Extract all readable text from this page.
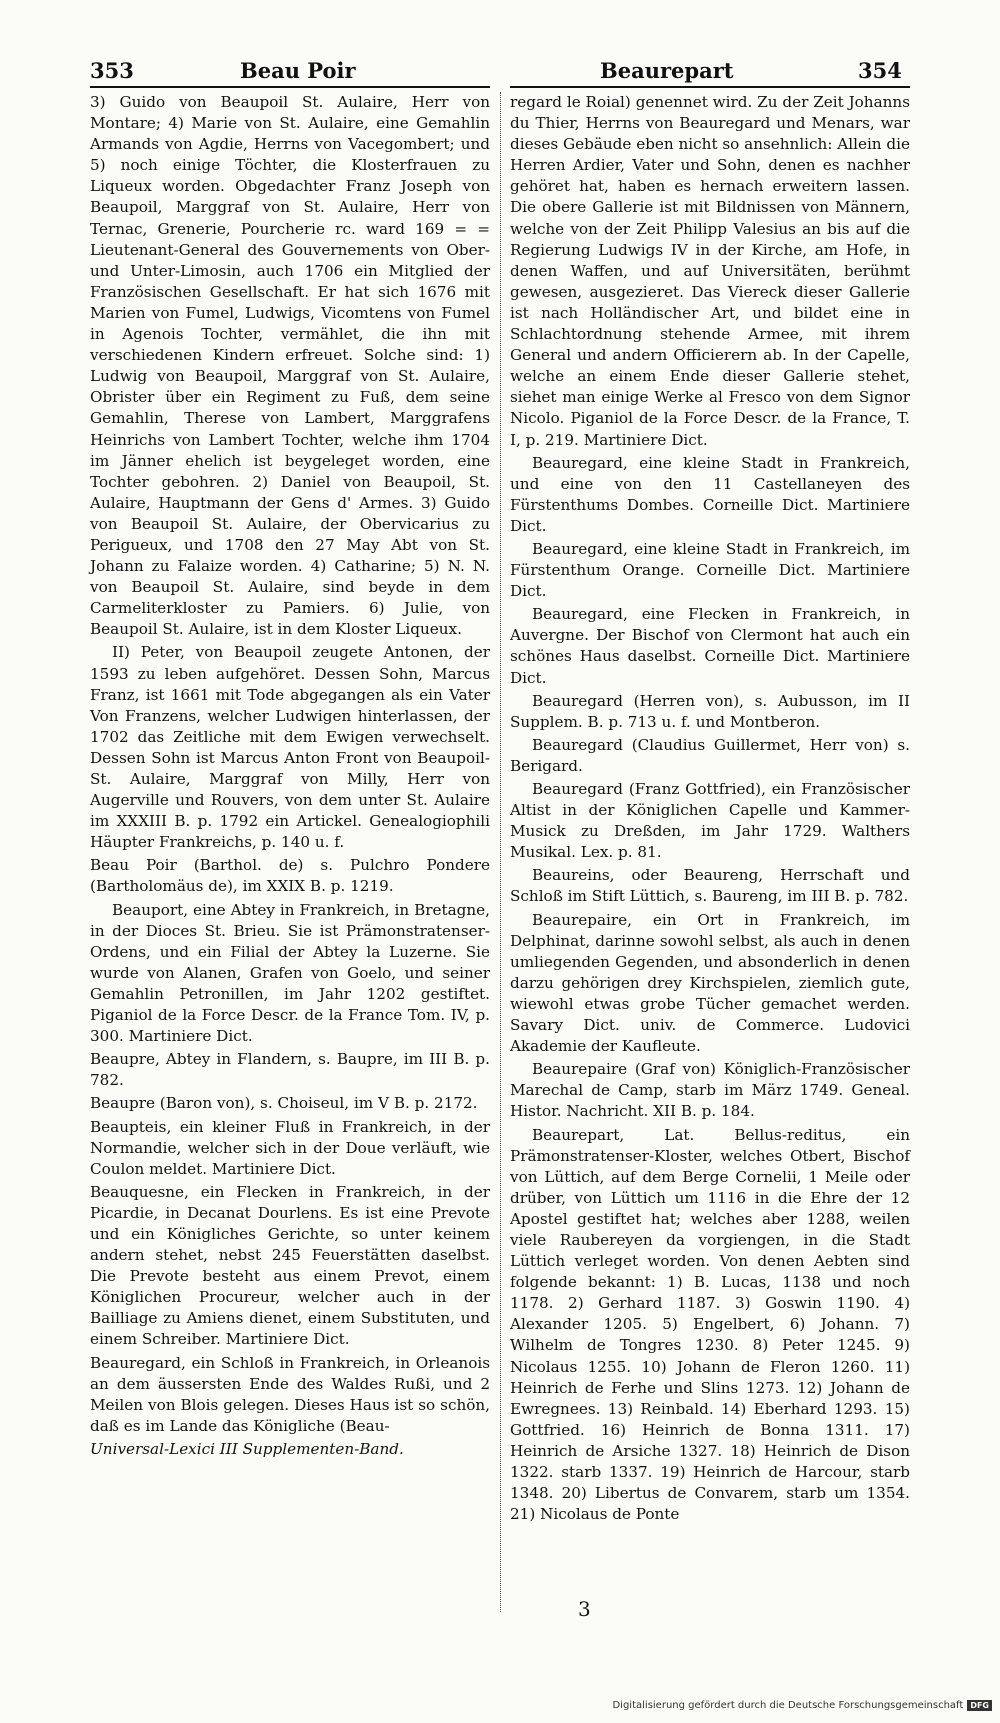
353	Beau Poir	Beaurepart	354

3) Guido von Beaupoil St. Aulaire, Herr von Montare; 4) Marie von St. Aulaire, eine Gemahlin Armands von Agdie, Herrns von Vacegombert; und 5) noch einige Töchter, die Klosterfrauen zu Liqueux worden. Obgedachter Franz Joseph von Beaupoil, Marggraf von St. Aulaire, Herr von Ternac, Grenerie, Pourcherie rc. ward 169 = = Lieutenant-General des Gouvernements von Ober- und Unter-Limosin, auch 1706 ein Mitglied der Französischen Gesellschaft. Er hat sich 1676 mit Marien von Fumel, Ludwigs, Vicomtens von Fumel in Agenois Tochter, vermählet, die ihn mit verschiedenen Kindern erfreuet. Solche sind: 1) Ludwig von Beaupoil, Marggraf von St. Aulaire, Obrister über ein Regiment zu Fuß, dem seine Gemahlin, Therese von Lambert, Marggrafens Heinrichs von Lambert Tochter, welche ihm 1704 im Jänner ehelich ist beygeleget worden, eine Tochter gebohren. 2) Daniel von Beaupoil, St. Aulaire, Hauptmann der Gens d' Armes. 3) Guido von Beaupoil St. Aulaire, der Obervicarius zu Perigueux, und 1708 den 27 May Abt von St. Johann zu Falaize worden. 4) Catharine; 5) N. N. von Beaupoil St. Aulaire, sind beyde in dem Carmeliterkloster zu Pamiers. 6) Julie, von Beaupoil St. Aulaire, ist in dem Kloster Liqueux.

II) Peter, von Beaupoil zeugete Antonen, der 1593 zu leben aufgehöret. Dessen Sohn, Marcus Franz, ist 1661 mit Tode abgegangen als ein Vater Von Franzens, welcher Ludwigen hinterlassen, der 1702 das Zeitliche mit dem Ewigen verwechselt. Dessen Sohn ist Marcus Anton Front von Beaupoil-St. Aulaire, Marggraf von Milly, Herr von Augerville und Rouvers, von dem unter St. Aulaire im XXXIII B. p. 1792 ein Artickel. Genealogiophili Häupter Frankreichs, p. 140 u. f.

Beau Poir (Barthol. de) s. Pulchro Pondere (Bartholomäus de), im XXIX B. p. 1219.

Beauport, eine Abtey in Frankreich, in Bretagne, in der Dioces St. Brieu. Sie ist Prämonstratenser-Ordens, und ein Filial der Abtey la Luzerne. Sie wurde von Alanen, Grafen von Goelo, und seiner Gemahlin Petronillen, im Jahr 1202 gestiftet. Piganiol de la Force Descr. de la France Tom. IV, p. 300. Martiniere Dict.

Beaupre, Abtey in Flandern, s. Baupre, im III B. p. 782.

Beaupre (Baron von), s. Choiseul, im V B. p. 2172.

Beaupteis, ein kleiner Fluß in Frankreich, in der Normandie, welcher sich in der Doue verläuft, wie Coulon meldet. Martiniere Dict.

Beauquesne, ein Flecken in Frankreich, in der Picardie, in Decanat Dourlens. Es ist eine Prevote und ein Königliches Gerichte, so unter keinem andern stehet, nebst 245 Feuerstätten daselbst. Die Prevote besteht aus einem Prevot, einem Königlichen Procureur, welcher auch in der Bailliage zu Amiens dienet, einem Substituten, und einem Schreiber. Martiniere Dict.

Beauregard, ein Schloß in Frankreich, in Orleanois an dem äussersten Ende des Waldes Rußi, und 2 Meilen von Blois gelegen. Dieses Haus ist so schön, daß es im Lande das Königliche (Beau-

Universal-Lexici III Supplementen-Band.

regard le Roial) genennet wird. Zu der Zeit Johanns du Thier, Herrns von Beauregard und Menars, war dieses Gebäude eben nicht so ansehnlich: Allein die Herren Ardier, Vater und Sohn, denen es nachher gehöret hat, haben es hernach erweitern lassen. Die obere Gallerie ist mit Bildnissen von Männern, welche von der Zeit Philipp Valesius an bis auf die Regierung Ludwigs IV in der Kirche, am Hofe, in denen Waffen, und auf Universitäten, berühmt gewesen, ausgezieret. Das Viereck dieser Gallerie ist nach Holländischer Art, und bildet eine in Schlachtordnung stehende Armee, mit ihrem General und andern Officierern ab. In der Capelle, welche an einem Ende dieser Gallerie stehet, siehet man einige Werke al Fresco von dem Signor Nicolo. Piganiol de la Force Descr. de la France, T. I, p. 219. Martiniere Dict.

Beauregard, eine kleine Stadt in Frankreich, und eine von den 11 Castellaneyen des Fürstenthums Dombes. Corneille Dict. Martiniere Dict.

Beauregard, eine kleine Stadt in Frankreich, im Fürstenthum Orange. Corneille Dict. Martiniere Dict.

Beauregard, eine Flecken in Frankreich, in Auvergne. Der Bischof von Clermont hat auch ein schönes Haus daselbst. Corneille Dict. Martiniere Dict.

Beauregard (Herren von), s. Aubusson, im II Supplem. B. p. 713 u. f. und Montberon.

Beauregard (Claudius Guillermet, Herr von) s. Berigard.

Beauregard (Franz Gottfried), ein Französischer Altist in der Königlichen Capelle und Kammer-Musick zu Dreßden, im Jahr 1729. Walthers Musikal. Lex. p. 81.

Beaureins, oder Beaureng, Herrschaft und Schloß im Stift Lüttich, s. Baureng, im III B. p. 782.

Beaurepaire, ein Ort in Frankreich, im Delphinat, darinne sowohl selbst, als auch in denen umliegenden Gegenden, und absonderlich in denen darzu gehörigen drey Kirchspielen, ziemlich gute, wiewohl etwas grobe Tücher gemachet werden. Savary Dict. univ. de Commerce. Ludovici Akademie der Kaufleute.

Beaurepaire (Graf von) Königlich-Französischer Marechal de Camp, starb im März 1749. Geneal. Histor. Nachricht. XII B. p. 184.

Beaurepart, Lat. Bellus-reditus, ein Prämonstratenser-Kloster, welches Otbert, Bischof von Lüttich, auf dem Berge Cornelii, 1 Meile oder drüber, von Lüttich um 1116 in die Ehre der 12 Apostel gestiftet hat; welches aber 1288, weilen viele Raubereyen da vorgiengen, in die Stadt Lüttich verleget worden. Von denen Aebten sind folgende bekannt: 1) B. Lucas, 1138 und noch 1178. 2) Gerhard 1187. 3) Goswin 1190. 4) Alexander 1205. 5) Engelbert, 6) Johann. 7) Wilhelm de Tongres 1230. 8) Peter 1245. 9) Nicolaus 1255. 10) Johann de Fleron 1260. 11) Heinrich de Ferhe und Slins 1273. 12) Johann de Ewregnees. 13) Reinbald. 14) Eberhard 1293. 15) Gottfried. 16) Heinrich de Bonna 1311. 17) Heinrich de Arsiche 1327. 18) Heinrich de Dison 1322. starb 1337. 19) Heinrich de Harcour, starb 1348. 20) Libertus de Convarem, starb um 1354. 21) Nicolaus de Ponte

3
Digitalisierung gefördert durch die Deutsche Forschungsgemeinschaft DFG
